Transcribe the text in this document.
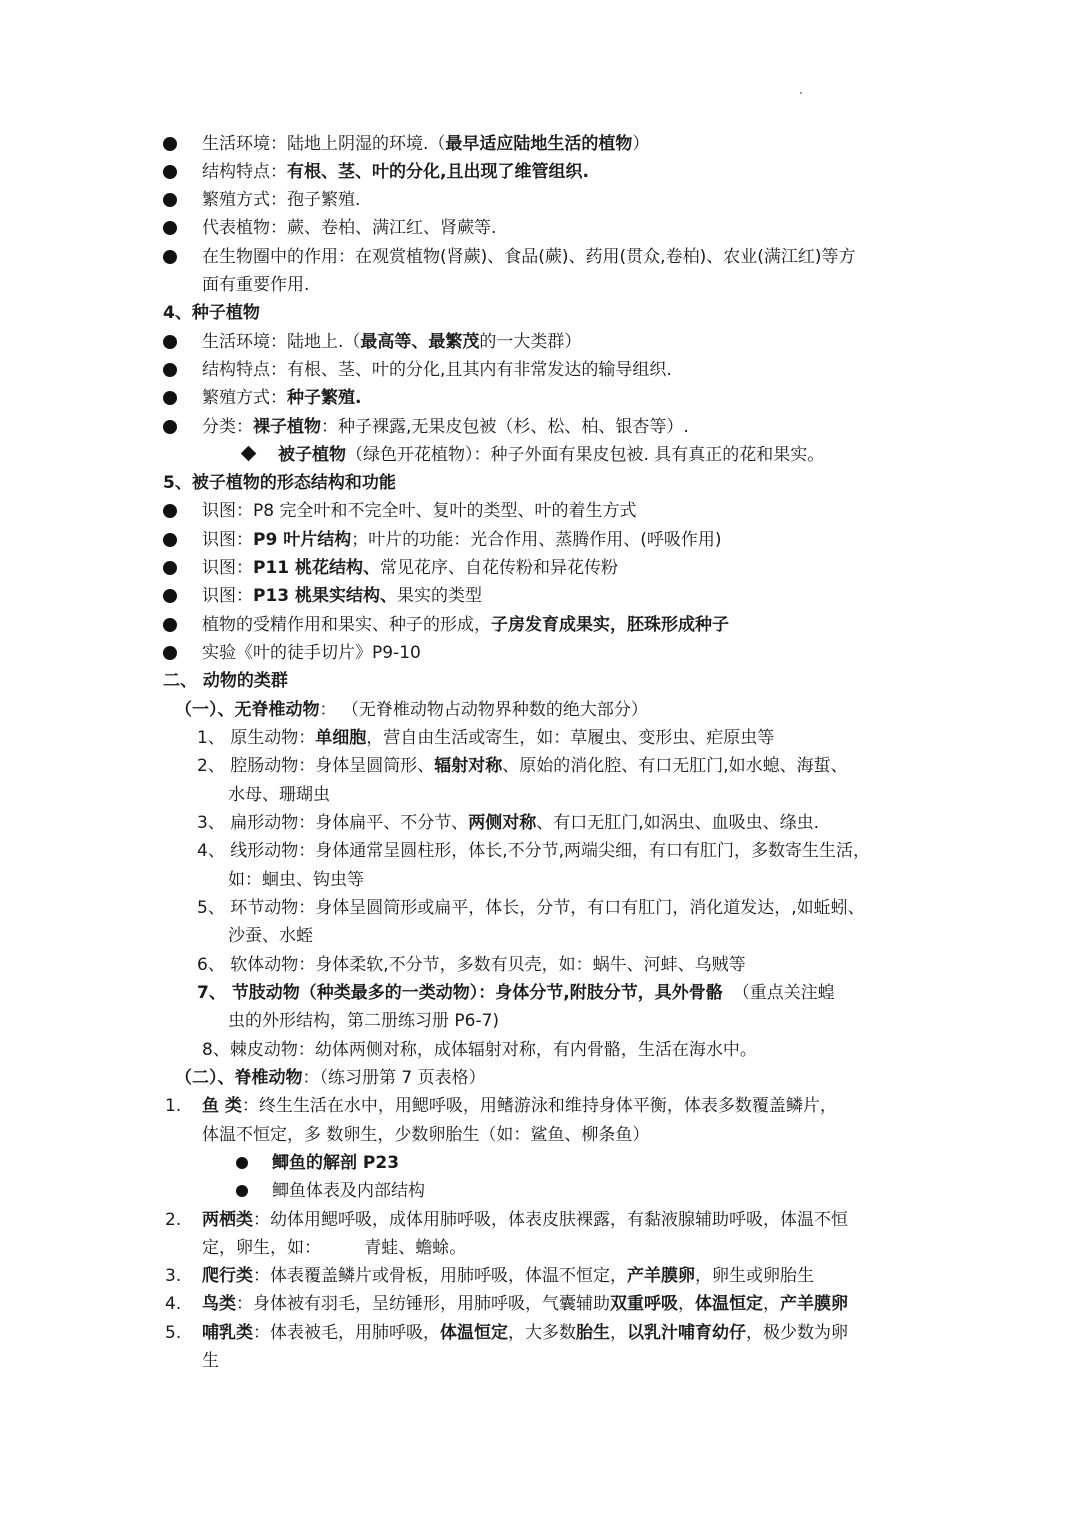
生活环境：陆地上阴湿的环境.（最早适应陆地生活的植物）
结构特点：有根、茎、叶的分化,且出现了维管组织.
繁殖方式：孢子繁殖.
代表植物：蕨、卷柏、满江红、肾蕨等.
在生物圈中的作用：在观赏植物(肾蕨)、食品(蕨)、药用(贯众,卷柏)、农业(满江红)等方
面有重要作用.
4、种子植物
生活环境：陆地上.（最高等、最繁茂的一大类群）
结构特点：有根、茎、叶的分化,且其内有非常发达的输导组织.
繁殖方式：种子繁殖.
分类：裸子植物：种子裸露,无果皮包被（杉、松、柏、银杏等）.
被子植物（绿色开花植物）：种子外面有果皮包被. 具有真正的花和果实。
5、被子植物的形态结构和功能
识图：P8 完全叶和不完全叶、复叶的类型、叶的着生方式
识图：P9 叶片结构；叶片的功能：光合作用、蒸腾作用、(呼吸作用)
识图：P11 桃花结构、常见花序、自花传粉和异花传粉
识图：P13 桃果实结构、果实的类型
植物的受精作用和果实、种子的形成，子房发育成果实，胚珠形成种子
实验《叶的徒手切片》P9-10
二、 动物的类群
（一）、无脊椎动物： （无脊椎动物占动物界种数的绝大部分）
1、 原生动物：单细胞，营自由生活或寄生，如：草履虫、变形虫、疟原虫等
2、 腔肠动物：身体呈圆筒形、辐射对称、原始的消化腔、有口无肛门,如水螅、海蜇、
水母、珊瑚虫
3、 扁形动物：身体扁平、不分节、两侧对称、有口无肛门,如涡虫、血吸虫、绦虫.
4、 线形动物：身体通常呈圆柱形，体长,不分节,两端尖细，有口有肛门，多数寄生生活，
如：蛔虫、钩虫等
5、 环节动物：身体呈圆筒形或扁平，体长，分节，有口有肛门，消化道发达，,如蚯蚓、
沙蚕、水蛭
6、 软体动物：身体柔软,不分节，多数有贝壳，如：蜗牛、河蚌、乌贼等
7、 节肢动物（种类最多的一类动物）：身体分节,附肢分节，具外骨骼 （重点关注蝗
虫的外形结构，第二册练习册 P6-7)
8、棘皮动物：幼体两侧对称，成体辐射对称，有内骨骼，生活在海水中。
（二）、脊椎动物：（练习册第 7 页表格）
1. 鱼 类：终生生活在水中，用鳃呼吸，用鳍游泳和维持身体平衡，体表多数覆盖鳞片，
体温不恒定，多 数卵生，少数卵胎生（如：鲨鱼、柳条鱼）
鲫鱼的解剖 P23
鲫鱼体表及内部结构
2. 两栖类：幼体用鳃呼吸，成体用肺呼吸，体表皮肤裸露，有黏液腺辅助呼吸，体温不恒
定，卵生，如：        青蛙、蟾蜍。
3. 爬行类：体表覆盖鳞片或骨板，用肺呼吸，体温不恒定，产羊膜卵，卵生或卵胎生
4. 鸟类：身体被有羽毛，呈纺锤形，用肺呼吸，气囊辅助双重呼吸，体温恒定，产羊膜卵
5. 哺乳类：体表被毛，用肺呼吸，体温恒定，大多数胎生，以乳汁哺育幼仔，极少数为卵
生
